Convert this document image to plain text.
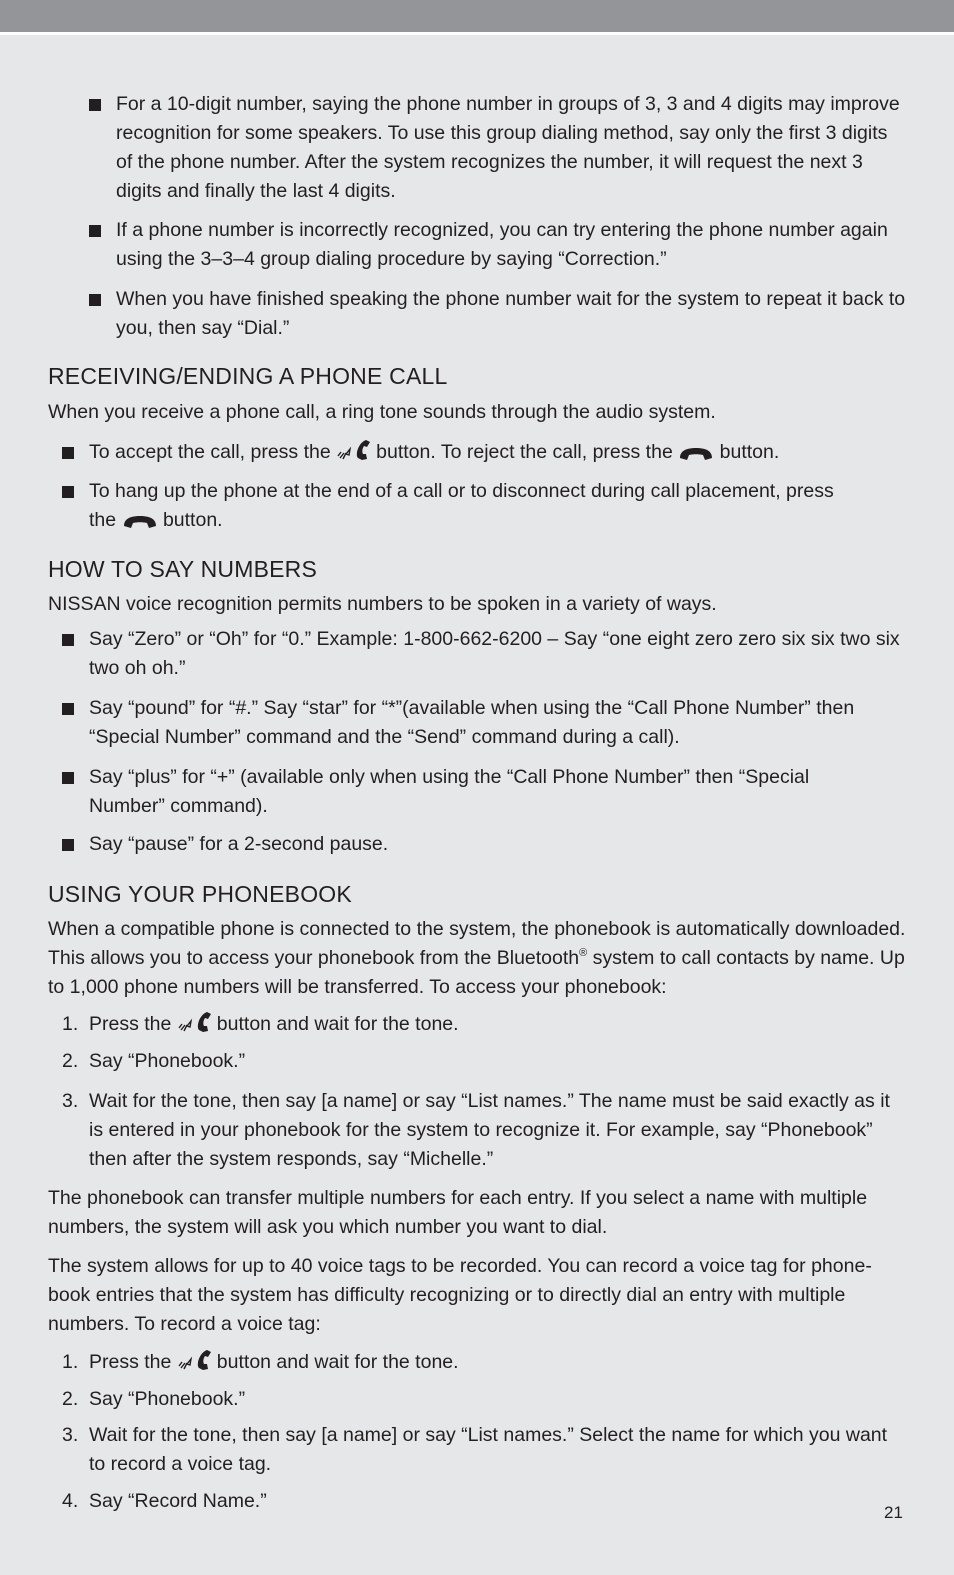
For a 10-digit number, saying the phone number in groups of 3, 3 and 4 digits may improve recognition for some speakers. To use this group dialing method, say only the first 3 digits of the phone number. After the system recognizes the number, it will request the next 3 digits and finally the last 4 digits.
If a phone number is incorrectly recognized, you can try entering the phone number again using the 3–3–4 group dialing procedure by saying “Correction.”
When you have finished speaking the phone number wait for the system to repeat it back to you, then say “Dial.”
RECEIVING/ENDING A PHONE CALL

When you receive a phone call, a ring tone sounds through the audio system.

To accept the call, press the button. To reject the call, press the button.
To hang up the phone at the end of a call or to disconnect during call placement, press the button.
HOW TO SAY NUMBERS

NISSAN voice recognition permits numbers to be spoken in a variety of ways.

Say “Zero” or “Oh” for “0.” Example: 1-800-662-6200 – Say “one eight zero zero six six two six two oh oh.”
Say “pound” for “#.” Say “star” for “*”(available when using the “Call Phone Number” then “Special Number” command and the “Send” command during a call).
Say “plus” for “+” (available only when using the “Call Phone Number” then “Special Number” command).
Say “pause” for a 2-second pause.
USING YOUR PHONEBOOK

When a compatible phone is connected to the system, the phonebook is automatically downloaded. This allows you to access your phonebook from the Bluetooth® system to call contacts by name. Up to 1,000 phone numbers will be transferred. To access your phonebook:

1. Press the button and wait for the tone.
2. Say “Phonebook.”
3. Wait for the tone, then say [a name] or say “List names.” The name must be said exactly as it is entered in your phonebook for the system to recognize it. For example, say “Phonebook” then after the system responds, say “Michelle.”

The phonebook can transfer multiple numbers for each entry. If you select a name with multiple numbers, the system will ask you which number you want to dial.

The system allows for up to 40 voice tags to be recorded. You can record a voice tag for phone-book entries that the system has difficulty recognizing or to directly dial an entry with multiple numbers. To record a voice tag:

1. Press the button and wait for the tone.
2. Say “Phonebook.”
3. Wait for the tone, then say [a name] or say “List names.” Select the name for which you want to record a voice tag.
4. Say “Record Name.”
21
